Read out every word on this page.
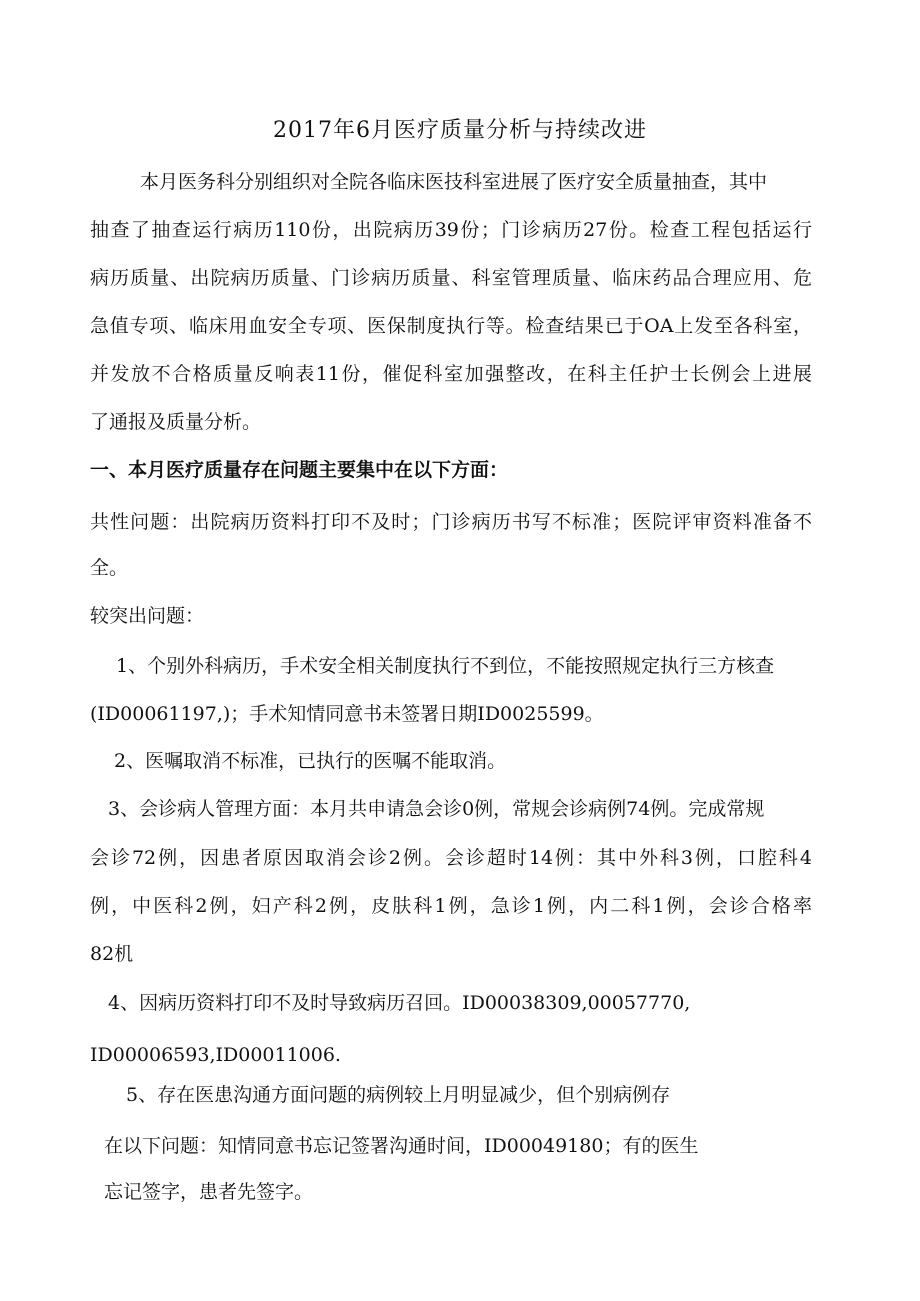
2017年6月医疗质量分析与持续改进
本月医务科分别组织对全院各临床医技科室进展了医疗安全质量抽查，其中
抽查了抽查运行病历110份，出院病历39份；门诊病历27份。检查工程包括运行
病历质量、出院病历质量、门诊病历质量、科室管理质量、临床药品合理应用、危
急值专项、临床用血安全专项、医保制度执行等。检查结果已于OA上发至各科室，
并发放不合格质量反响表11份，催促科室加强整改，在科主任护士长例会上进展
了通报及质量分析。
一、本月医疗质量存在问题主要集中在以下方面：
共性问题：出院病历资料打印不及时；门诊病历书写不标准；医院评审资料准备不
全。
较突出问题：
1、个别外科病历，手术安全相关制度执行不到位，不能按照规定执行三方核查
(ID00061197,)；手术知情同意书未签署日期ID0025599。
2、医嘱取消不标准，已执行的医嘱不能取消。
3、会诊病人管理方面：本月共申请急会诊0例，常规会诊病例74例。完成常规
会诊72例，因患者原因取消会诊2例。会诊超时14例：其中外科3例，口腔科4
例，中医科2例，妇产科2例，皮肤科1例，急诊1例，内二科1例，会诊合格率
82机
4、因病历资料打印不及时导致病历召回。ID00038309,00057770,
ID00006593,ID00011006.
5、存在医患沟通方面问题的病例较上月明显减少，但个别病例存
在以下问题：知情同意书忘记签署沟通时间，ID00049180；有的医生
忘记签字，患者先签字。
